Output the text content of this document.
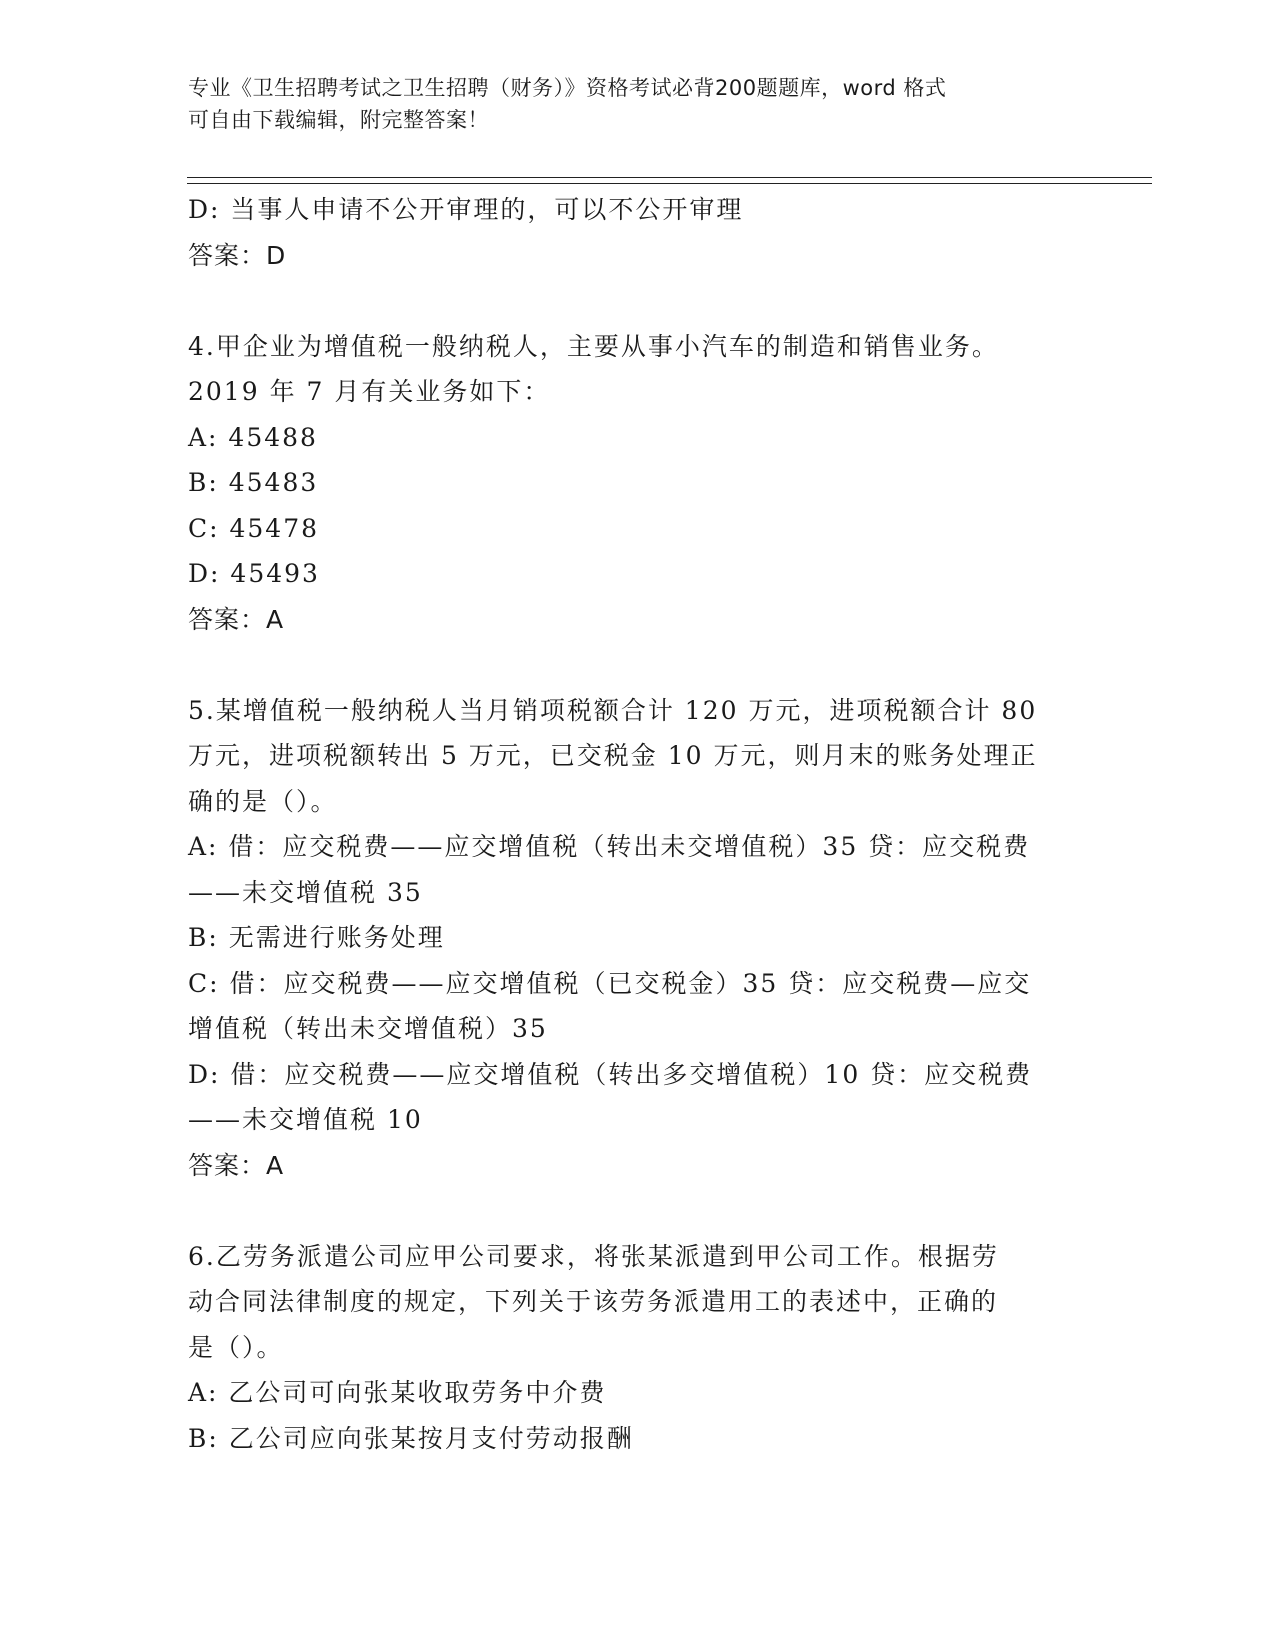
专业《卫生招聘考试之卫生招聘（财务）》资格考试必背200题题库，word 格式
可自由下载编辑，附完整答案！
D: 当事人申请不公开审理的，可以不公开审理
答案：D
4.甲企业为增值税一般纳税人，主要从事小汽车的制造和销售业务。
2019 年 7 月有关业务如下：
A: 45488
B: 45483
C: 45478
D: 45493
答案：A
5.某增值税一般纳税人当月销项税额合计 120 万元，进项税额合计 80
万元，进项税额转出 5 万元，已交税金 10 万元，则月末的账务处理正
确的是（）。
A: 借：应交税费——应交增值税（转出未交增值税）35 贷：应交税费
——未交增值税 35
B: 无需进行账务处理
C: 借：应交税费——应交增值税（已交税金）35 贷：应交税费—应交
增值税（转出未交增值税）35
D: 借：应交税费——应交增值税（转出多交增值税）10 贷：应交税费
——未交增值税 10
答案：A
6.乙劳务派遣公司应甲公司要求，将张某派遣到甲公司工作。根据劳
动合同法律制度的规定，下列关于该劳务派遣用工的表述中，正确的
是（）。
A: 乙公司可向张某收取劳务中介费
B: 乙公司应向张某按月支付劳动报酬
